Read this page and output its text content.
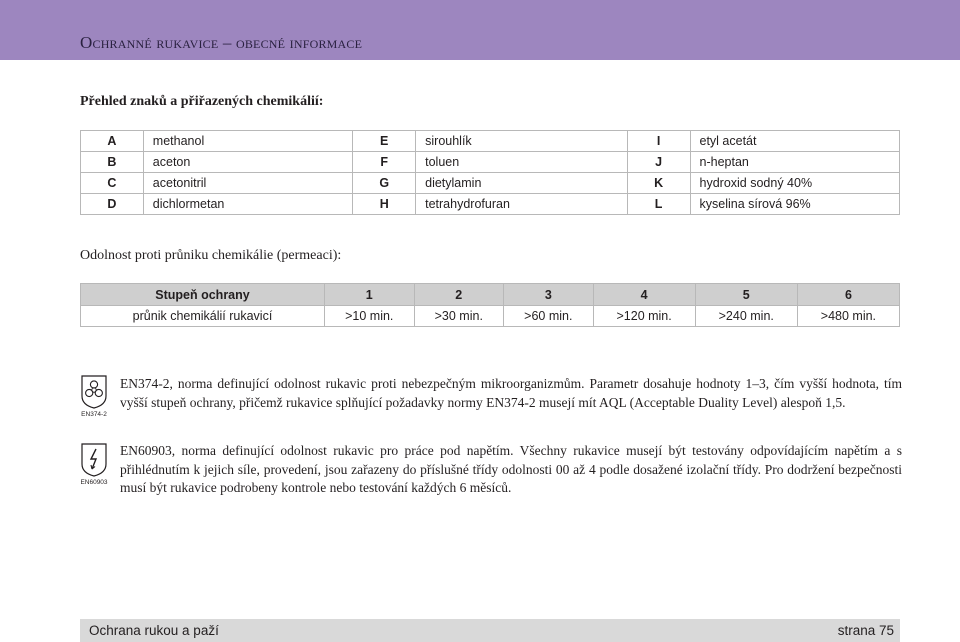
Ochranné rukavice – obecné informace
Přehled znaků a přiřazených chemikálií:
A	methanol	E	sirouhlík	I	etyl acetát
B	aceton	F	toluen	J	n-heptan
C	acetonitril	G	dietylamin	K	hydroxid sodný 40%
D	dichlormetan	H	tetrahydrofuran	L	kyselina sírová 96%
Odolnost proti průniku chemikálie (permeaci):
Stupeň ochrany	1	2	3	4	5	6
průnik chemikálií rukavicí	>10 min.	>30 min.	>60 min.	>120 min.	>240 min.	>480 min.
EN374-2
EN374-2, norma definující odolnost rukavic proti nebezpečným mikroorganizmům. Parametr dosahuje hodnoty 1–3, čím vyšší hodnota, tím vyšší stupeň ochrany, přičemž rukavice splňující požadavky normy EN374-2 musejí mít AQL (Acceptable Duality Level) alespoň 1,5.
EN60903
EN60903, norma definující odolnost rukavic pro práce pod napětím. Všechny rukavice musejí být testovány odpovídajícím napětím a s přihlédnutím k jejich síle, provedení, jsou zařazeny do příslušné třídy odolnosti 00 až 4 podle dosažené izolační třídy. Pro dodržení bezpečnosti musí být rukavice podrobeny kontrole nebo testování každých 6 měsíců.
Ochrana rukou a paží	strana 75
